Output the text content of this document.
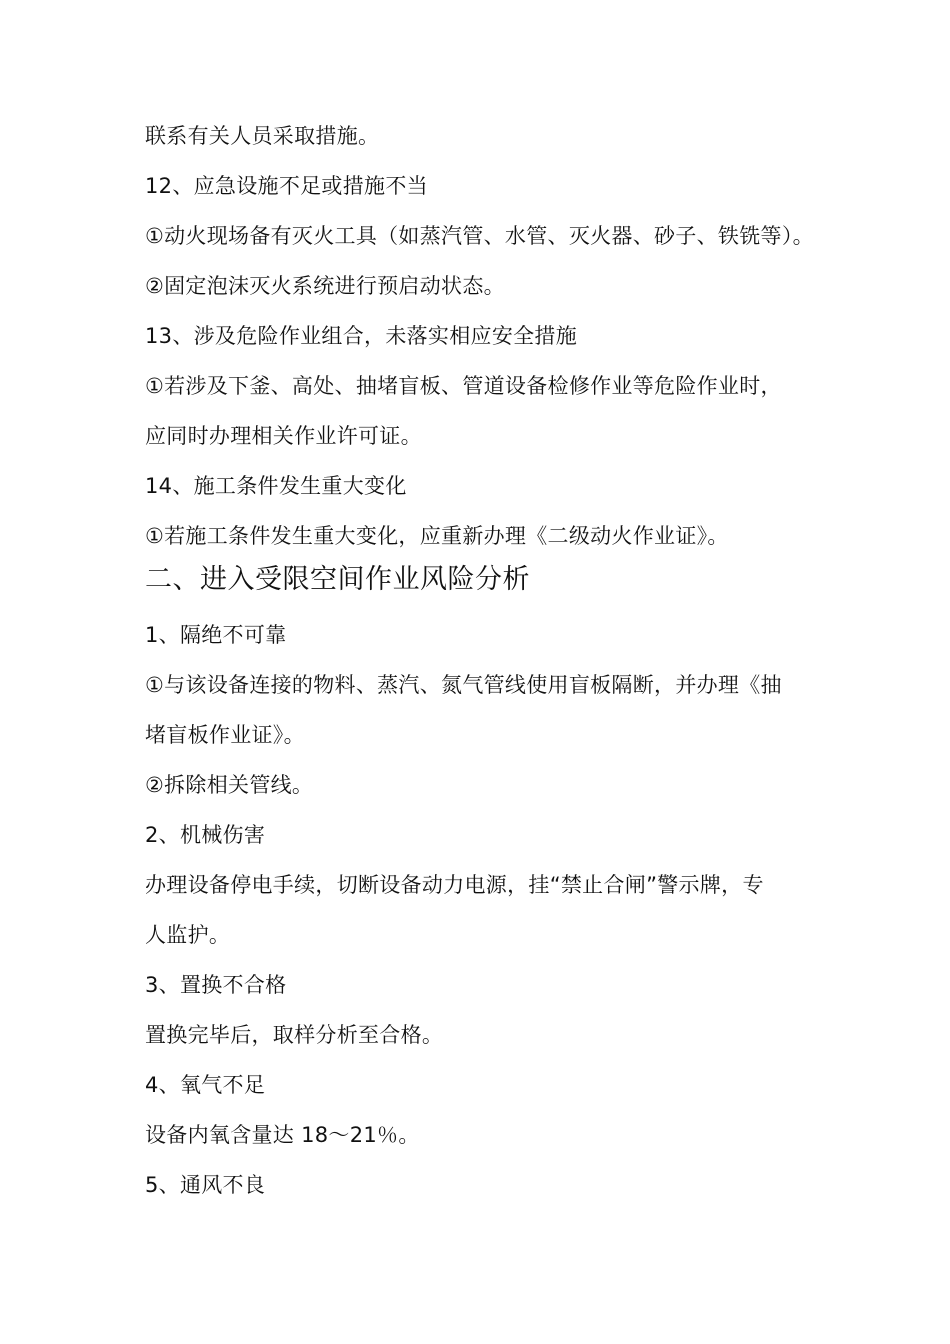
联系有关人员采取措施。
12、应急设施不足或措施不当
①动火现场备有灭火工具（如蒸汽管、水管、灭火器、砂子、铁铣等）。
②固定泡沫灭火系统进行预启动状态。
13、涉及危险作业组合，未落实相应安全措施
①若涉及下釜、高处、抽堵盲板、管道设备检修作业等危险作业时，
应同时办理相关作业许可证。
14、施工条件发生重大变化
①若施工条件发生重大变化，应重新办理《二级动火作业证》。
二、进入受限空间作业风险分析
1、隔绝不可靠
①与该设备连接的物料、蒸汽、氮气管线使用盲板隔断，并办理《抽
堵盲板作业证》。
②拆除相关管线。
2、机械伤害
办理设备停电手续，切断设备动力电源，挂“禁止合闸”警示牌，专
人监护。
3、置换不合格
置换完毕后，取样分析至合格。
4、氧气不足
设备内氧含量达 18～21％。
5、通风不良
